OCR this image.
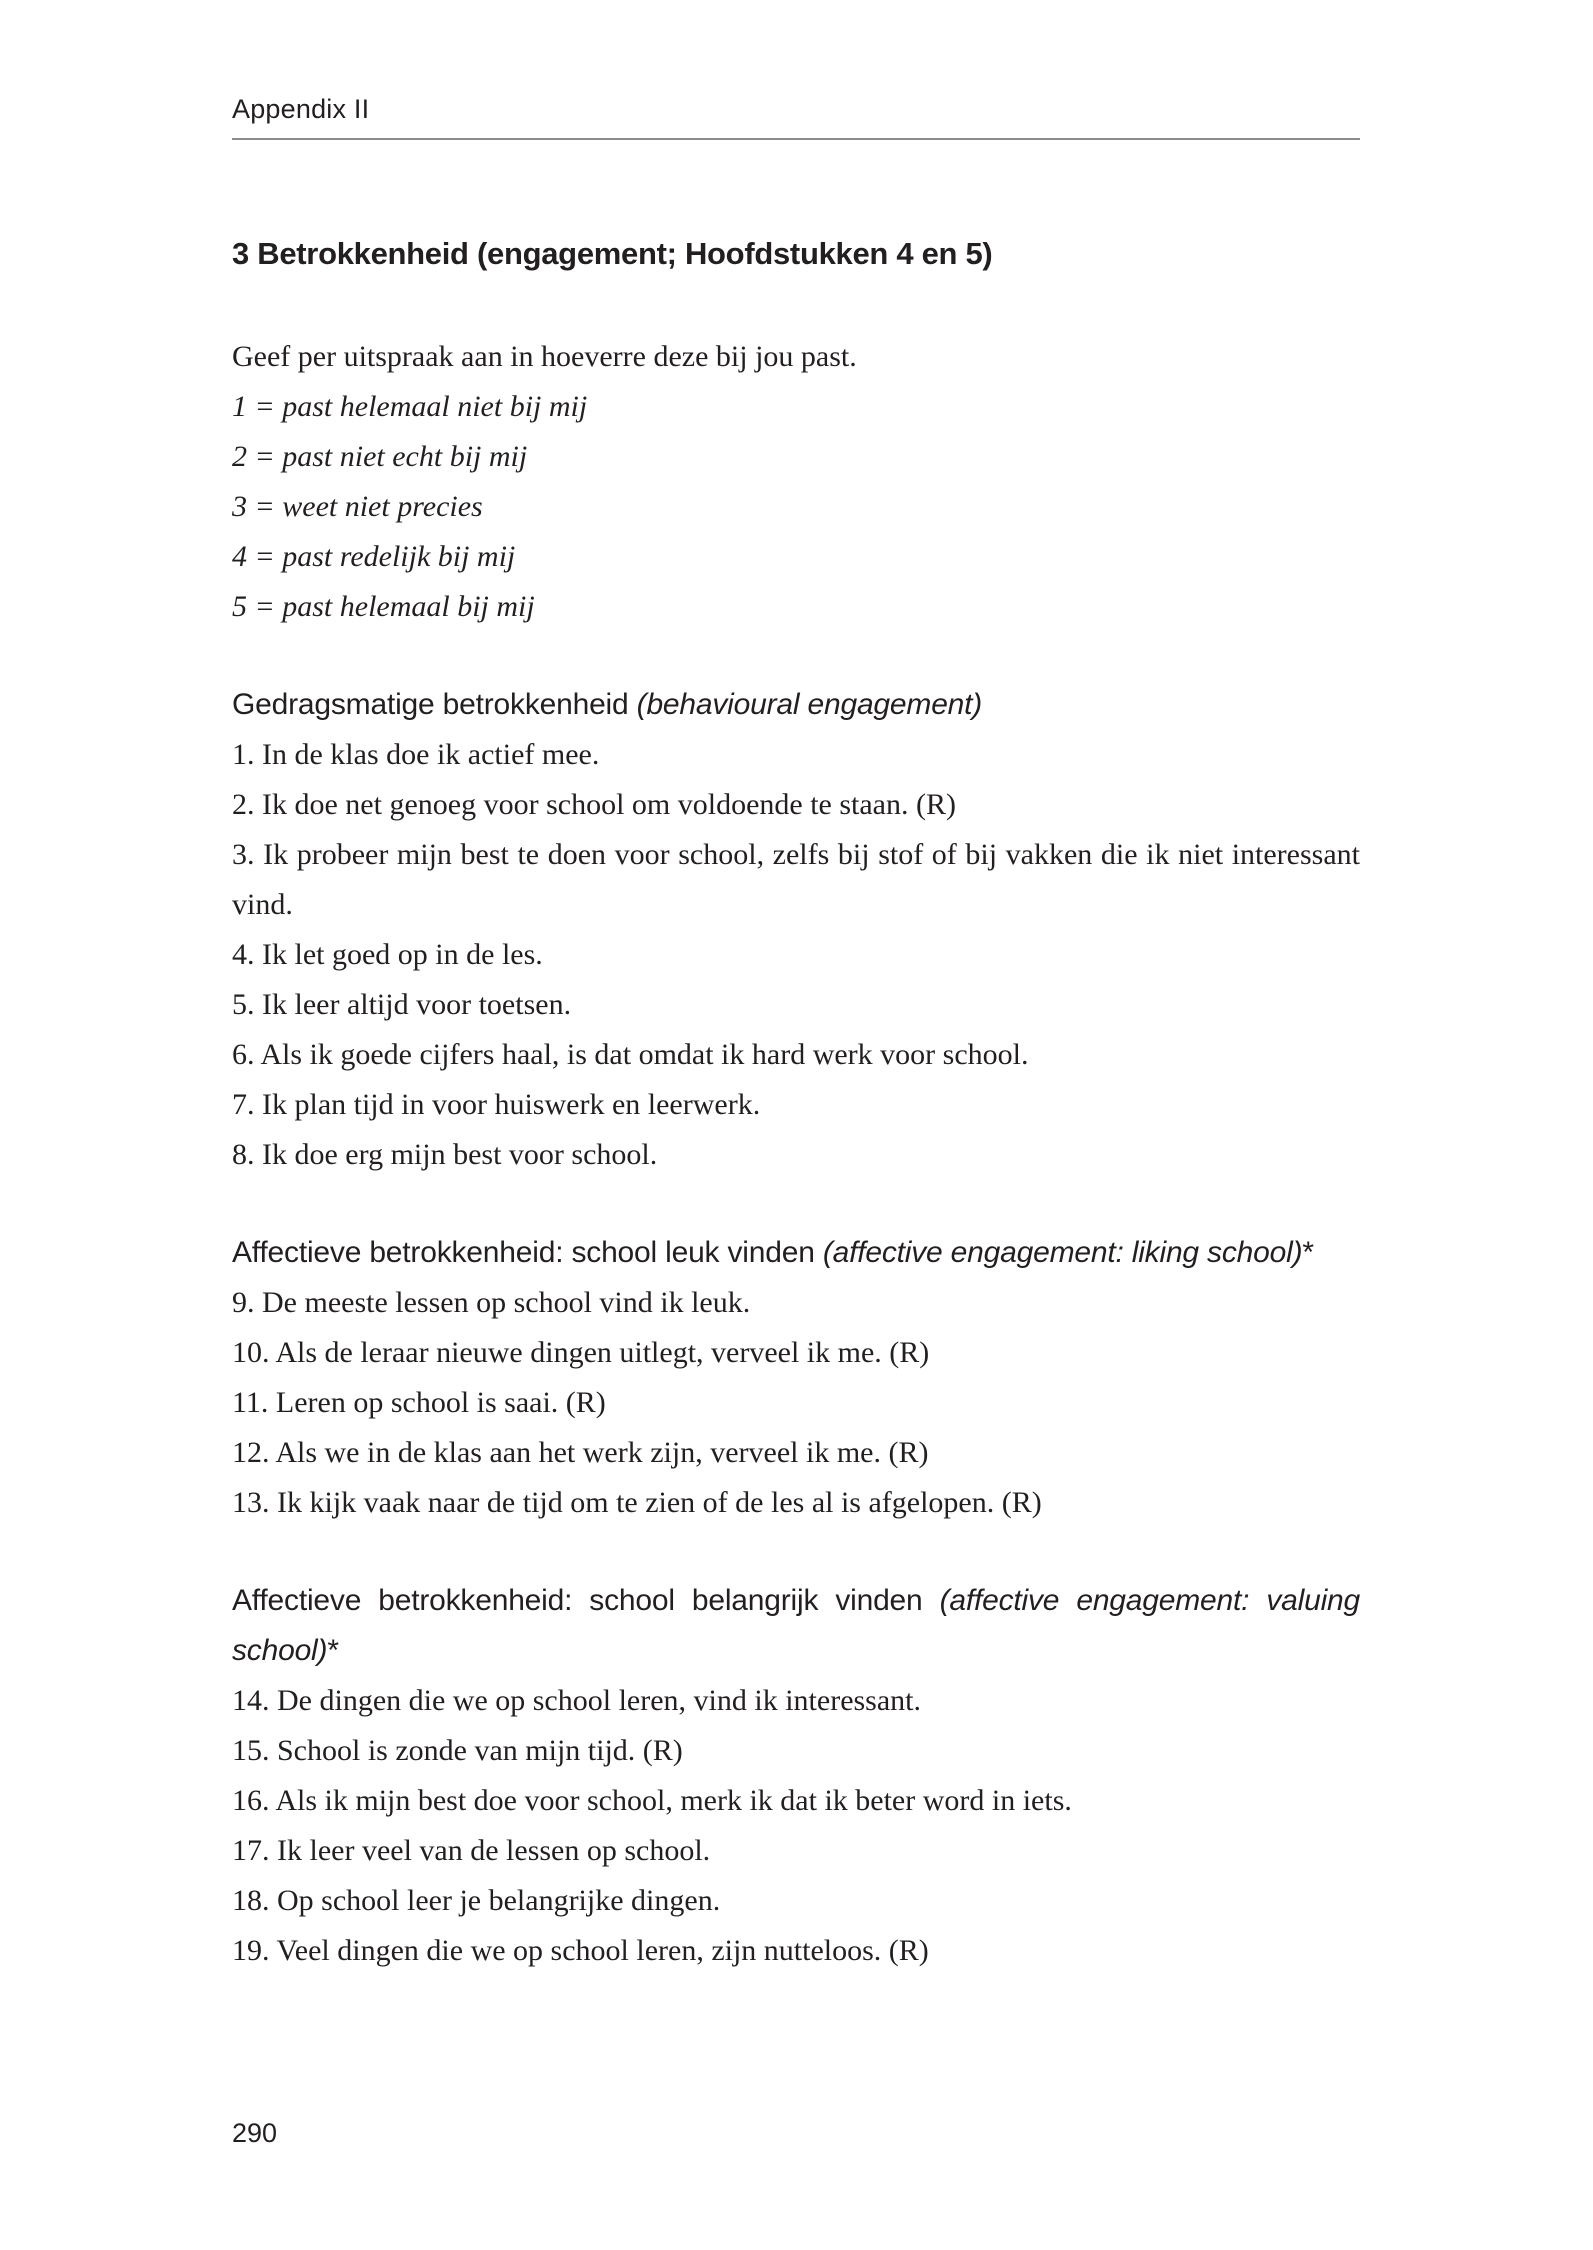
Appendix II
3 Betrokkenheid (engagement; Hoofdstukken 4 en 5)

Geef per uitspraak aan in hoeverre deze bij jou past.

1 = past helemaal niet bij mij

2 = past niet echt bij mij

3 = weet niet precies

4 = past redelijk bij mij

5 = past helemaal bij mij

Gedragsmatige betrokkenheid (behavioural engagement)

1. In de klas doe ik actief mee.

2. Ik doe net genoeg voor school om voldoende te staan. (R)

3. Ik probeer mijn best te doen voor school, zelfs bij stof of bij vakken die ik niet interessant vind.

4. Ik let goed op in de les.

5. Ik leer altijd voor toetsen.

6. Als ik goede cijfers haal, is dat omdat ik hard werk voor school.

7. Ik plan tijd in voor huiswerk en leerwerk.

8. Ik doe erg mijn best voor school.

Affectieve betrokkenheid: school leuk vinden (affective engagement: liking school)*

9. De meeste lessen op school vind ik leuk.

10. Als de leraar nieuwe dingen uitlegt, verveel ik me. (R)

11. Leren op school is saai. (R)

12. Als we in de klas aan het werk zijn, verveel ik me. (R)

13. Ik kijk vaak naar de tijd om te zien of de les al is afgelopen. (R)

Affectieve betrokkenheid: school belangrijk vinden (affective engagement: valuing school)*

14. De dingen die we op school leren, vind ik interessant.

15. School is zonde van mijn tijd. (R)

16. Als ik mijn best doe voor school, merk ik dat ik beter word in iets.

17. Ik leer veel van de lessen op school.

18. Op school leer je belangrijke dingen.

19. Veel dingen die we op school leren, zijn nutteloos. (R)

290
